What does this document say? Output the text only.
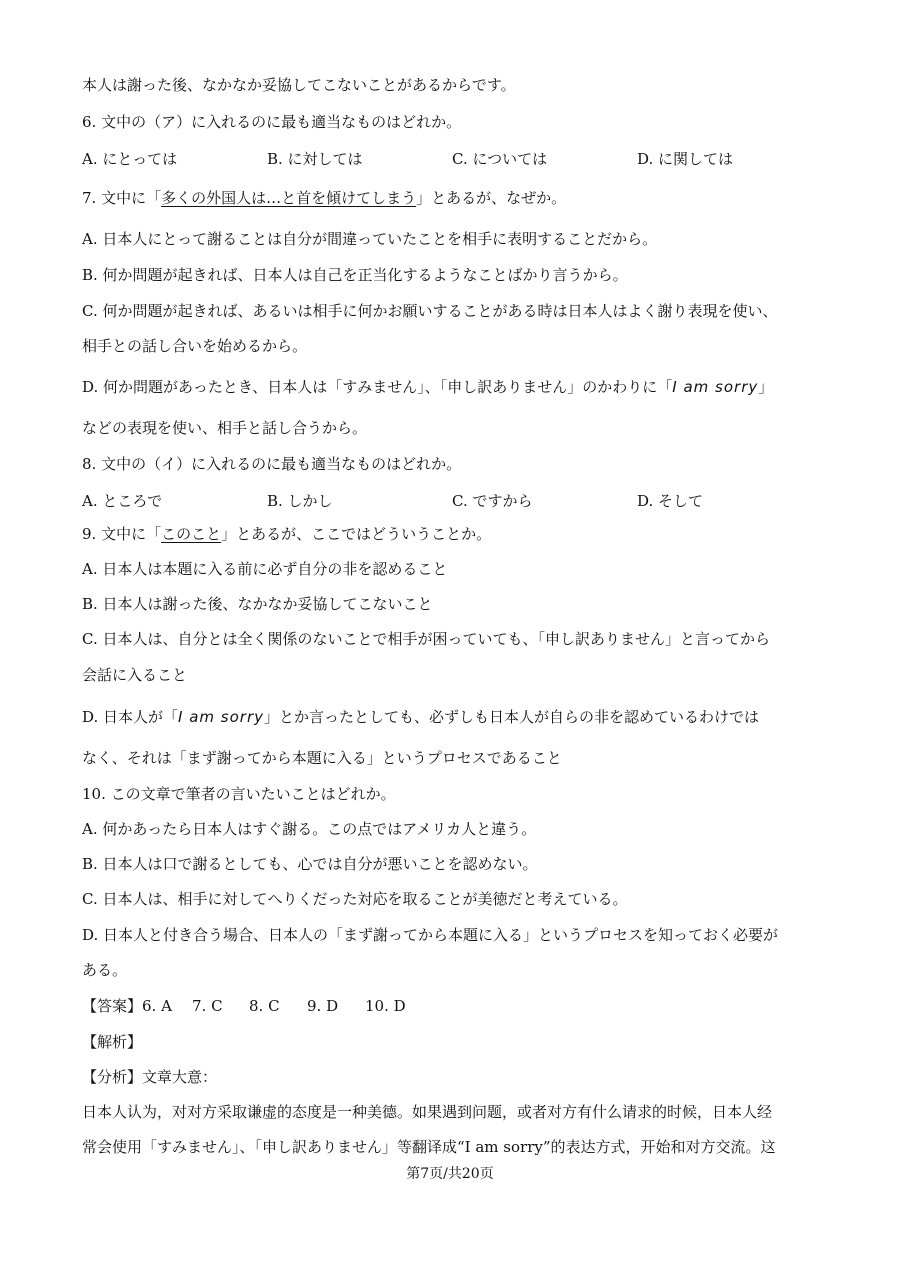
本人は謝った後、なかなか妥協してこないことがあるからです。
6. 文中の（ア）に入れるのに最も適当なものはどれか。
A. にとっては	B. に対しては	C. については	D. に関しては
7. 文中に「多くの外国人は…と首を傾けてしまう」とあるが、なぜか。
A. 日本人にとって謝ることは自分が間違っていたことを相手に表明することだから。
B. 何か問題が起きれば、日本人は自己を正当化するようなことばかり言うから。
C. 何か問題が起きれば、あるいは相手に何かお願いすることがある時は日本人はよく謝り表現を使い、
相手との話し合いを始めるから。
D. 何か問題があったとき、日本人は「すみません」、「申し訳ありません」のかわりに「I am sorry」
などの表現を使い、相手と話し合うから。
8. 文中の（イ）に入れるのに最も適当なものはどれか。
A. ところで	B. しかし	C. ですから	D. そして
9. 文中に「このこと」とあるが、ここではどういうことか。
A. 日本人は本題に入る前に必ず自分の非を認めること
B. 日本人は謝った後、なかなか妥協してこないこと
C. 日本人は、自分とは全く関係のないことで相手が困っていても、「申し訳ありません」と言ってから
会話に入ること
D. 日本人が「I am sorry」とか言ったとしても、必ずしも日本人が自らの非を認めているわけでは
なく、それは「まず謝ってから本題に入る」というプロセスであること
10. この文章で筆者の言いたいことはどれか。
A. 何かあったら日本人はすぐ謝る。この点ではアメリカ人と違う。
B. 日本人は口で謝るとしても、心では自分が悪いことを認めない。
C. 日本人は、相手に対してへりくだった対応を取ることが美徳だと考えている。
D. 日本人と付き合う場合、日本人の「まず謝ってから本題に入る」というプロセスを知っておく必要が
ある。
【答案】6. A 7. C 8. C 9. D 10. D
【解析】
【分析】文章大意：
日本人认为，对对方采取谦虚的态度是一种美德。如果遇到问题，或者对方有什么请求的时候，日本人经
常会使用「すみません」、「申し訳ありません」等翻译成“I am sorry”的表达方式，开始和对方交流。这
第7页/共20页
